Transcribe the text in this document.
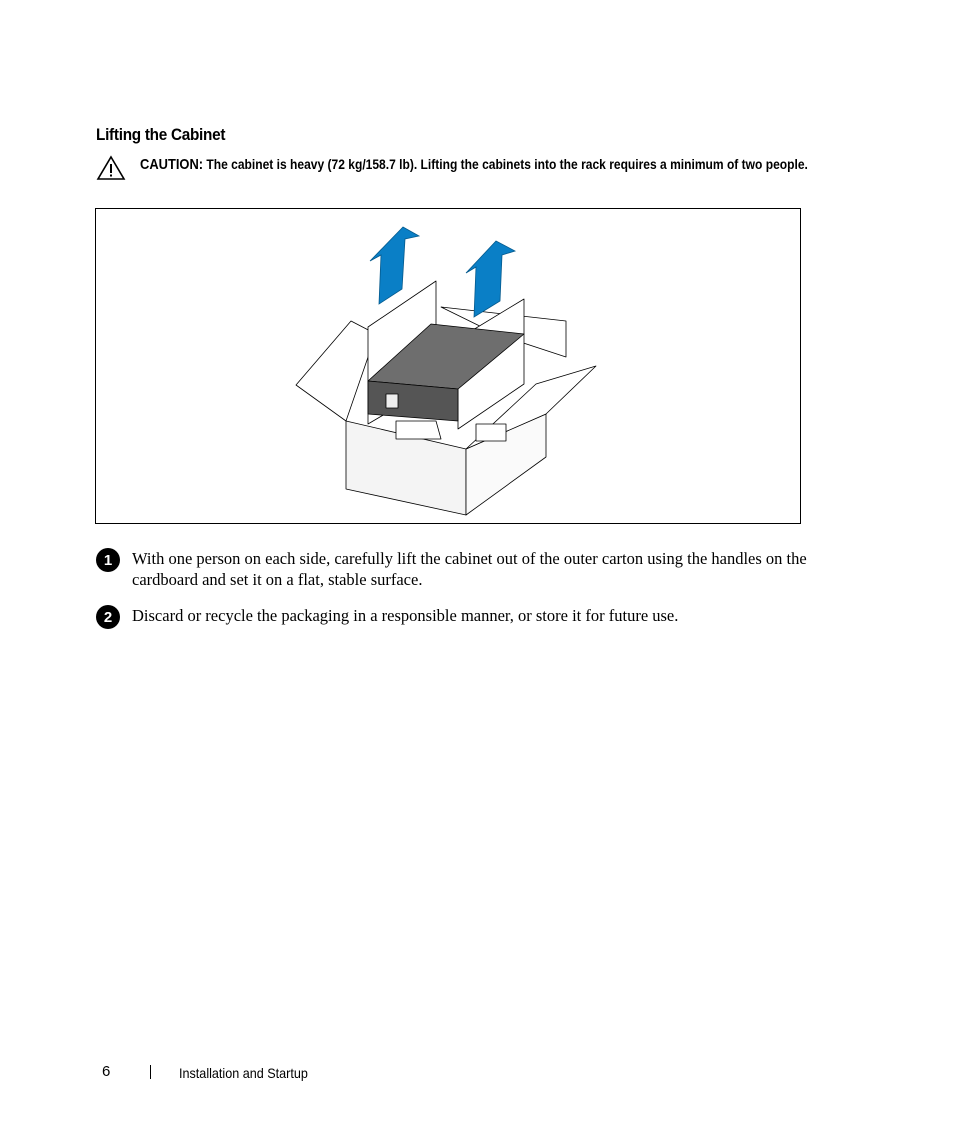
Lifting the Cabinet
CAUTION: The cabinet is heavy (72 kg/158.7 lb). Lifting the cabinets into the rack requires a minimum of two people.
1	With one person on each side, carefully lift the cabinet out of the outer carton using the handles on the cardboard and set it on a flat, stable surface.
2	Discard or recycle the packaging in a responsible manner, or store it for future use.
6	Installation and Startup
